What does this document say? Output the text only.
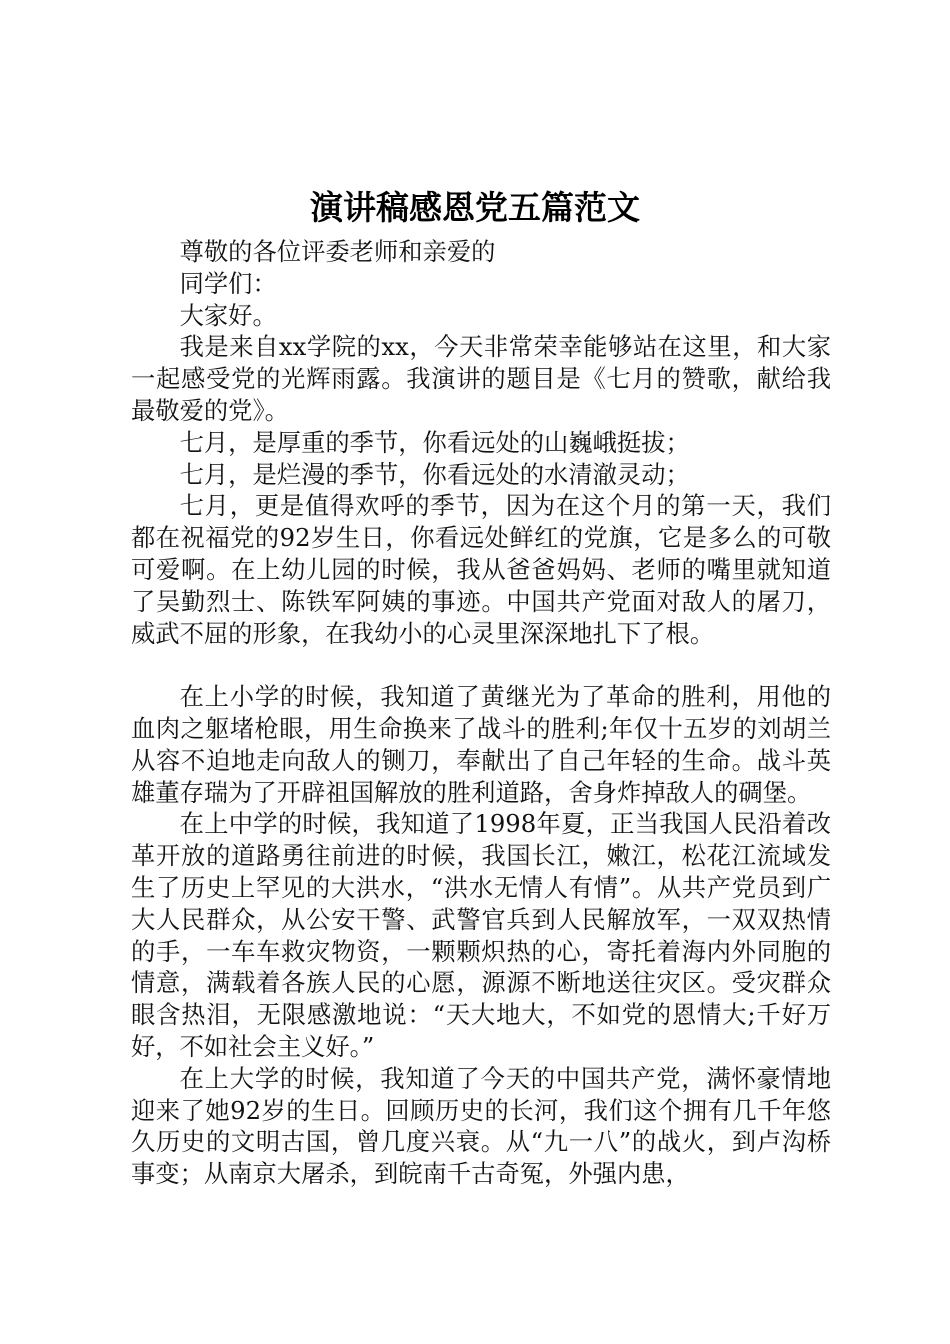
演讲稿感恩党五篇范文

尊敬的各位评委老师和亲爱的

同学们：

大家好。

我是来自xx学院的xx，今天非常荣幸能够站在这里，和大家一起感受党的光辉雨露。我演讲的题目是《七月的赞歌，献给我最敬爱的党》。

七月，是厚重的季节，你看远处的山巍峨挺拔；

七月，是烂漫的季节，你看远处的水清澈灵动；

七月，更是值得欢呼的季节，因为在这个月的第一天，我们都在祝福党的92岁生日，你看远处鲜红的党旗，它是多么的可敬可爱啊。在上幼儿园的时候，我从爸爸妈妈、老师的嘴里就知道了吴勤烈士、陈铁军阿姨的事迹。中国共产党面对敌人的屠刀，威武不屈的形象，在我幼小的心灵里深深地扎下了根。

在上小学的时候，我知道了黄继光为了革命的胜利，用他的血肉之躯堵枪眼，用生命换来了战斗的胜利;年仅十五岁的刘胡兰从容不迫地走向敌人的铡刀，奉献出了自己年轻的生命。战斗英雄董存瑞为了开辟祖国解放的胜利道路，舍身炸掉敌人的碉堡。

在上中学的时候，我知道了1998年夏，正当我国人民沿着改革开放的道路勇往前进的时候，我国长江，嫩江，松花江流域发生了历史上罕见的大洪水，“洪水无情人有情”。从共产党员到广大人民群众，从公安干警、武警官兵到人民解放军，一双双热情的手，一车车救灾物资，一颗颗炽热的心，寄托着海内外同胞的情意，满载着各族人民的心愿，源源不断地送往灾区。受灾群众眼含热泪，无限感激地说：“天大地大，不如党的恩情大;千好万好，不如社会主义好。”

在上大学的时候，我知道了今天的中国共产党，满怀豪情地迎来了她92岁的生日。回顾历史的长河，我们这个拥有几千年悠久历史的文明古国，曾几度兴衰。从“九一八”的战火，到卢沟桥事变；从南京大屠杀，到皖南千古奇冤，外强内患，
